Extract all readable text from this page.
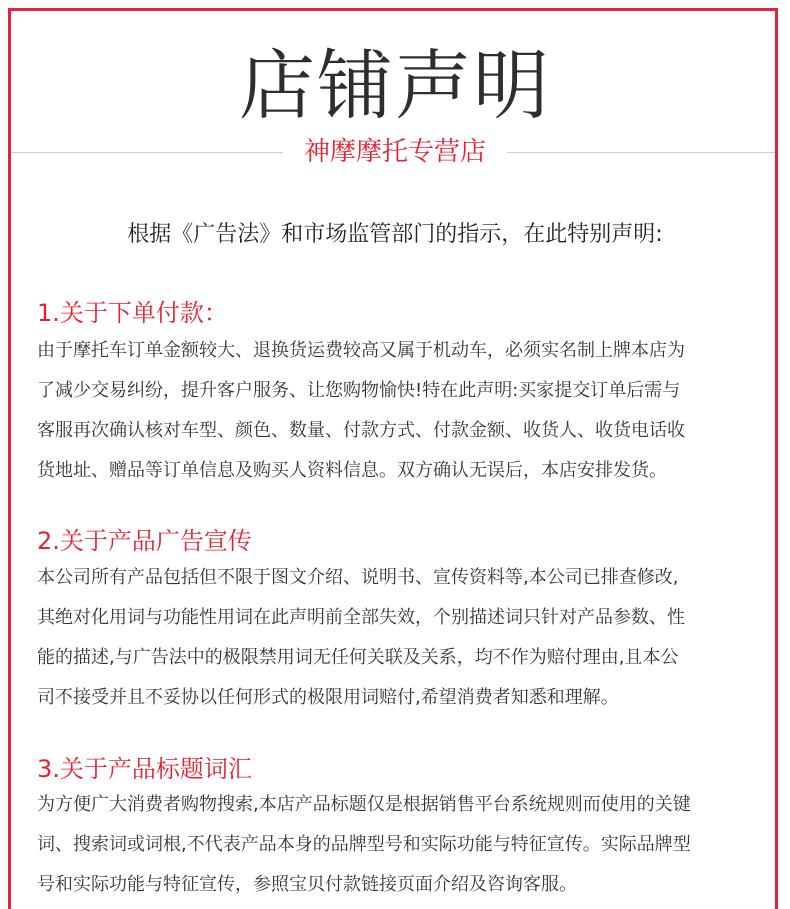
店铺声明
神摩摩托专营店
根据《广告法》和市场监管部门的指示，在此特别声明:
1.关于下单付款：
由于摩托车订单金额较大、退换货运费较高又属于机动车，必须实名制上牌本店为
了减少交易纠纷，提升客户服务、让您购物愉快!特在此声明:买家提交订单后需与
客服再次确认核对车型、颜色、数量、付款方式、付款金额、收货人、收货电话收
货地址、赠品等订单信息及购买人资料信息。双方确认无误后，本店安排发货。
2.关于产品广告宣传
本公司所有产品包括但不限于图文介绍、说明书、宣传资料等,本公司已排查修改,
其绝对化用词与功能性用词在此声明前全部失效，个别描述词只针对产品参数、性
能的描述,与广告法中的极限禁用词无任何关联及关系，均不作为赔付理由,且本公
司不接受并且不妥协以任何形式的极限用词赔付,希望消费者知悉和理解。
3.关于产品标题词汇
为方便广大消费者购物搜索,本店产品标题仅是根据销售平台系统规则而使用的关键
词、搜索词或词根,不代表产品本身的品牌型号和实际功能与特征宣传。实际品牌型
号和实际功能与特征宣传，参照宝贝付款链接页面介绍及咨询客服。
